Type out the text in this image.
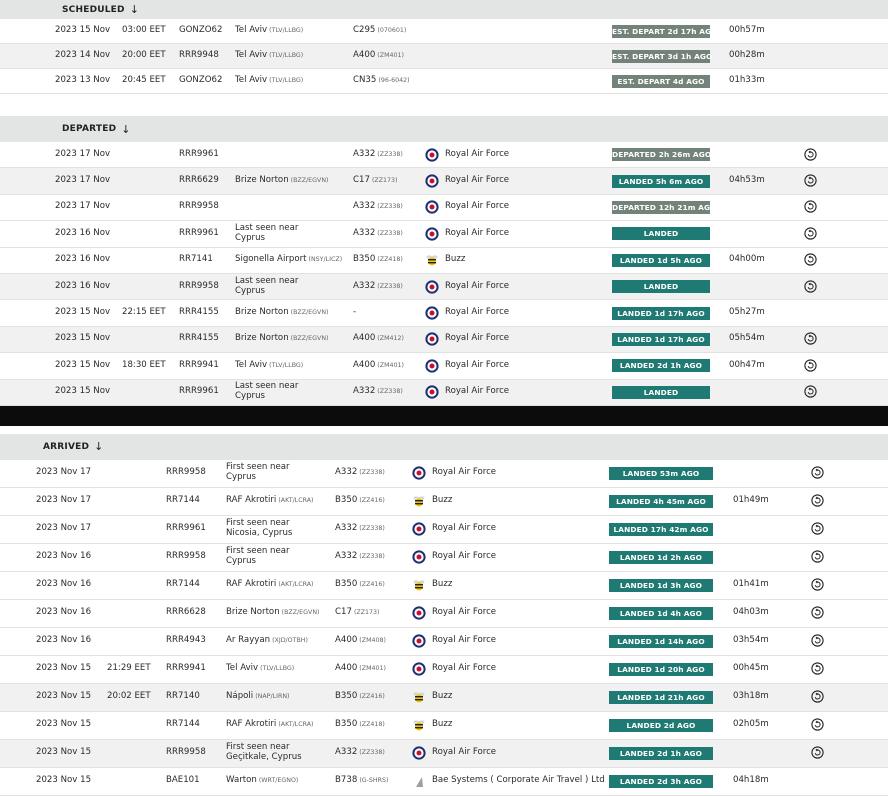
SCHEDULED ↓
2023 15 Nov 03:00 EET GONZO62 Tel Aviv (TLV/LLBG)	C295 (070601)	EST. DEPART 2d 17h AGO 00h57m
2023 14 Nov 20:00 EET RRR9948 Tel Aviv (TLV/LLBG)	A400 (ZM401)	EST. DEPART 3d 1h AGO 00h28m
2023 13 Nov 20:45 EET GONZO62 Tel Aviv (TLV/LLBG)	CN35 (96-6042)	EST. DEPART 4d AGO	01h33m
DEPARTED ↓
2023 17 Nov	RRR9961	A332 (ZZ338)	Royal Air Force	DEPARTED 2h 26m AGO
2023 17 Nov	RRR6629 Brize Norton (BZZ/EGVN)	C17 (ZZ173)	Royal Air Force	LANDED 5h 6m AGO	04h53m
2023 17 Nov	RRR9958	A332 (ZZ338)	Royal Air Force	DEPARTED 12h 21m AGO
2023 16 Nov	RRR9961 Last seen near Cyprus	A332 (ZZ338)	Royal Air Force	LANDED
2023 16 Nov	RR7141	Sigonella Airport (NSY/LICZ) B350 (ZZ418)	Buzz	LANDED 1d 5h AGO	04h00m
2023 16 Nov	RRR9958 Last seen near Cyprus	A332 (ZZ338)	Royal Air Force	LANDED
2023 15 Nov 22:15 EET RRR4155 Brize Norton (BZZ/EGVN)	-	Royal Air Force	LANDED 1d 17h AGO	05h27m
2023 15 Nov	RRR4155 Brize Norton (BZZ/EGVN)	A400 (ZM412)	Royal Air Force	LANDED 1d 17h AGO	05h54m
2023 15 Nov 18:30 EET RRR9941 Tel Aviv (TLV/LLBG)	A400 (ZM401)	Royal Air Force	LANDED 2d 1h AGO	00h47m
2023 15 Nov	RRR9961 Last seen near Cyprus	A332 (ZZ338)	Royal Air Force	LANDED
ARRIVED ↓
2023 Nov 17	RRR9958 First seen near Cyprus	A332 (ZZ338)	Royal Air Force	LANDED 53m AGO
2023 Nov 17	RR7144	RAF Akrotiri (AKT/LCRA)	B350 (ZZ416)	Buzz	LANDED 4h 45m AGO	01h49m
2023 Nov 17	RRR9961 First seen near Nicosia, Cyprus	A332 (ZZ338)	Royal Air Force	LANDED 17h 42m AGO
2023 Nov 16	RRR9958 First seen near Cyprus	A332 (ZZ338)	Royal Air Force	LANDED 1d 2h AGO
2023 Nov 16	RR7144	RAF Akrotiri (AKT/LCRA)	B350 (ZZ416)	Buzz	LANDED 1d 3h AGO	01h41m
2023 Nov 16	RRR6628 Brize Norton (BZZ/EGVN) C17 (ZZ173)	Royal Air Force	LANDED 1d 4h AGO	04h03m
2023 Nov 16	RRR4943 Ar Rayyan (XJD/OTBH)	A400 (ZM408)	Royal Air Force	LANDED 1d 14h AGO	03h54m
2023 Nov 15 21:29 EET RRR9941 Tel Aviv (TLV/LLBG)	A400 (ZM401)	Royal Air Force	LANDED 1d 20h AGO	00h45m
2023 Nov 15 20:02 EET RR7140	Nápoli (NAP/LIRN)	B350 (ZZ416)	Buzz	LANDED 1d 21h AGO	03h18m
2023 Nov 15	RR7144	RAF Akrotiri (AKT/LCRA)	B350 (ZZ418)	Buzz	LANDED 2d AGO	02h05m
2023 Nov 15	RRR9958 First seen near Geçitkale, Cyprus	A332 (ZZ338)	Royal Air Force	LANDED 2d 1h AGO
2023 Nov 15	BAE101	Warton (WRT/EGNO)	B738 (G-SHRS)	Bae Systems ( Corporate Air Travel ) Ltd	LANDED 2d 3h AGO	04h18m
